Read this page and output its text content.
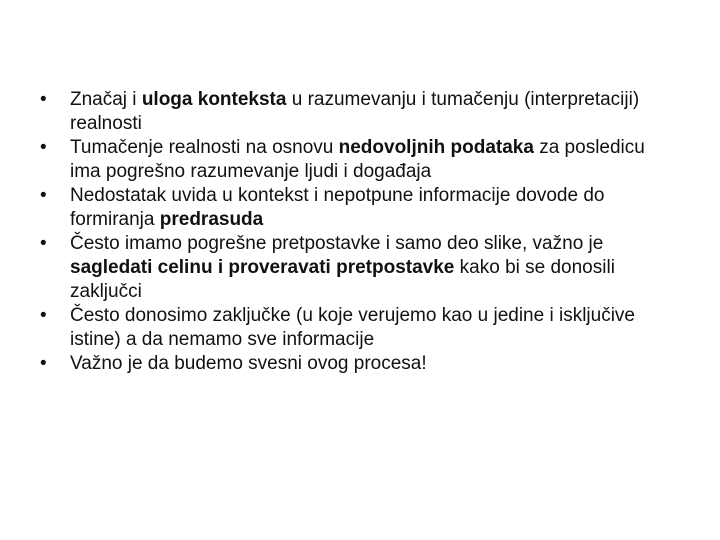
•	Značaj i uloga konteksta u razumevanju i tumačenju (interpretaciji) realnosti
•	Tumačenje realnosti na osnovu nedovoljnih podataka za posledicu ima pogrešno razumevanje ljudi i događaja
•	Nedostatak uvida u kontekst i nepotpune informacije dovode do formiranja predrasuda
•	Često imamo pogrešne pretpostavke i samo deo slike, važno je sagledati celinu i proveravati pretpostavke kako bi se donosili zaključci
•	Često donosimo zaključke (u koje verujemo kao u jedine i isključive istine) a da nemamo sve informacije
•	Važno je da budemo svesni ovog procesa!
